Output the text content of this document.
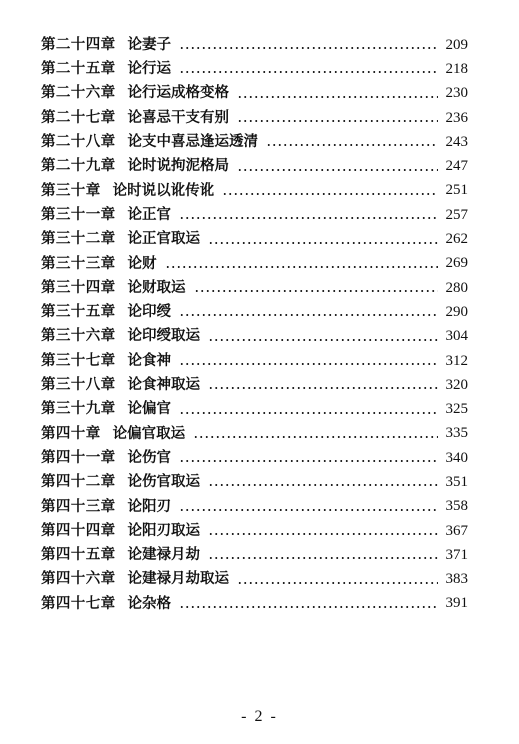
第二十四章 论妻子	209
第二十五章 论行运	218
第二十六章 论行运成格变格	230
第二十七章 论喜忌干支有别	236
第二十八章 论支中喜忌逢运透清	243
第二十九章 论时说拘泥格局	247
第三十章 论时说以讹传讹	251
第三十一章 论正官	257
第三十二章 论正官取运	262
第三十三章 论财	269
第三十四章 论财取运	280
第三十五章 论印绶	290
第三十六章 论印绶取运	304
第三十七章 论食神	312
第三十八章 论食神取运	320
第三十九章 论偏官	325
第四十章 论偏官取运	335
第四十一章 论伤官	340
第四十二章 论伤官取运	351
第四十三章 论阳刃	358
第四十四章 论阳刃取运	367
第四十五章 论建禄月劫	371
第四十六章 论建禄月劫取运	383
第四十七章 论杂格	391
- 2 -
